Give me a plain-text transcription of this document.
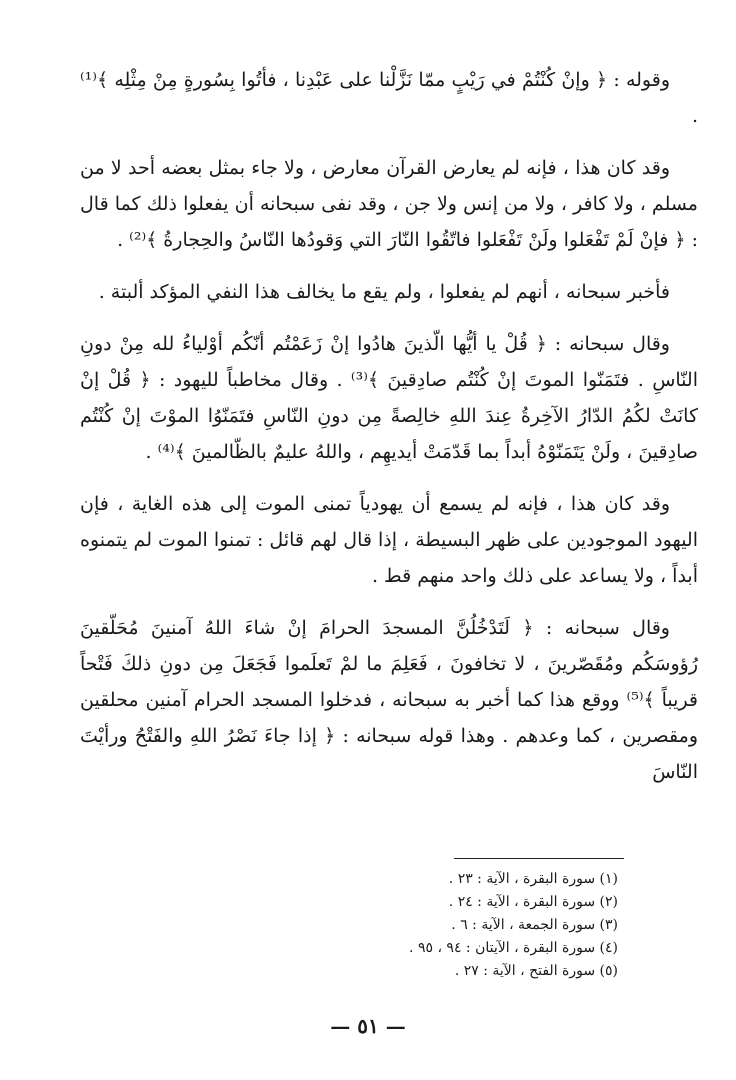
وقوله : ﴿ وإنْ كُنْتُمْ في رَيْبٍ ممّا نَزَّلْنا على عَبْدِنا ، فأتُوا بِسُورةٍ مِنْ مِثْلِه ﴾⁽¹⁾ .

وقد كان هذا ، فإنه لم يعارض القرآن معارض ، ولا جاء بمثل بعضه أحد لا من مسلم ، ولا كافر ، ولا من إنس ولا جن ، وقد نفى سبحانه أن يفعلوا ذلك كما قال : ﴿ فإنْ لَمْ تَفْعَلوا ولَنْ تَفْعَلوا فاتّقُوا النّارَ التي وَقودُها النّاسُ والحِجارةُ ﴾⁽²⁾ .

فأخبر سبحانه ، أنهم لم يفعلوا ، ولم يقع ما يخالف هذا النفي المؤكد ألبتة .

وقال سبحانه : ﴿ قُلْ يا أيُّها الّذينَ هادُوا إنْ زَعَمْتُم أنّكُم أوْلياءُ لله مِنْ دونِ النّاسِ . فتَمَنّوا الموتَ إنْ كُنْتُم صادِقينَ ﴾⁽³⁾ . وقال مخاطباً لليهود : ﴿ قُلْ إنْ كانَتْ لكُمُ الدّارُ الآخِرةُ عِندَ اللهِ خالِصةً مِن دونِ النّاسِ فتَمَنّوُا الموْتَ إنْ كُنْتُم صادِقينَ ، ولَنْ يَتَمَنّوْهُ أبداً بما قَدّمَتْ أيديهِم ، واللهُ عليمٌ بالظّالمينَ ﴾⁽⁴⁾ .

وقد كان هذا ، فإنه لم يسمع أن يهودياً تمنى الموت إلى هذه الغاية ، فإن اليهود الموجودين على ظهر البسيطة ، إذا قال لهم قائل : تمنوا الموت لم يتمنوه أبداً ، ولا يساعد على ذلك واحد منهم قط .

وقال سبحانه : ﴿ لَتَدْخُلُنَّ المسجدَ الحرامَ إنْ شاءَ اللهُ آمنينَ مُحَلّقينَ رُؤوسَكُم ومُقَصّرينَ ، لا تخافونَ ، فَعَلِمَ ما لمْ تَعلَموا فَجَعَلَ مِن دونِ ذلكَ فَتْحاً قريباً ﴾⁽⁵⁾ ووقع هذا كما أخبر به سبحانه ، فدخلوا المسجد الحرام آمنين محلقين ومقصرين ، كما وعدهم . وهذا قوله سبحانه : ﴿ إذا جاءَ نَصْرُ اللهِ والفَتْحُ ورأيْتَ النّاسَ

(١) سورة البقرة ، الآية : ٢٣ .
(٢) سورة البقرة ، الآية : ٢٤ .
(٣) سورة الجمعة ، الآية : ٦ .
(٤) سورة البقرة ، الآيتان : ٩٤ ، ٩٥ .
(٥) سورة الفتح ، الآية : ٢٧ .
— ٥١ —
